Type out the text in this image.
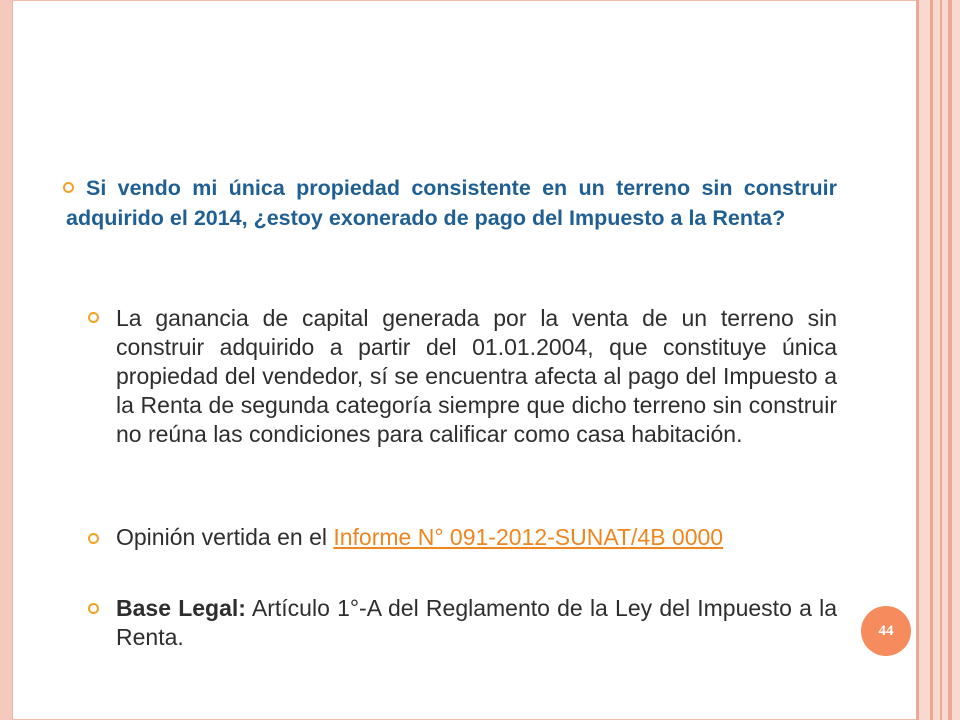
Si vendo mi única propiedad consistente en un terreno sin construir adquirido el 2014, ¿estoy exonerado de pago del Impuesto a la Renta?
La ganancia de capital generada por la venta de un terreno sin construir adquirido a partir del 01.01.2004, que constituye única propiedad del vendedor, sí se encuentra afecta al pago del Impuesto a la Renta de segunda categoría siempre que dicho terreno sin construir no reúna las condiciones para calificar como casa habitación.
Opinión vertida en el Informe N° 091-2012-SUNAT/4B 0000
Base Legal: Artículo 1°-A del Reglamento de la Ley del Impuesto a la Renta.	44
